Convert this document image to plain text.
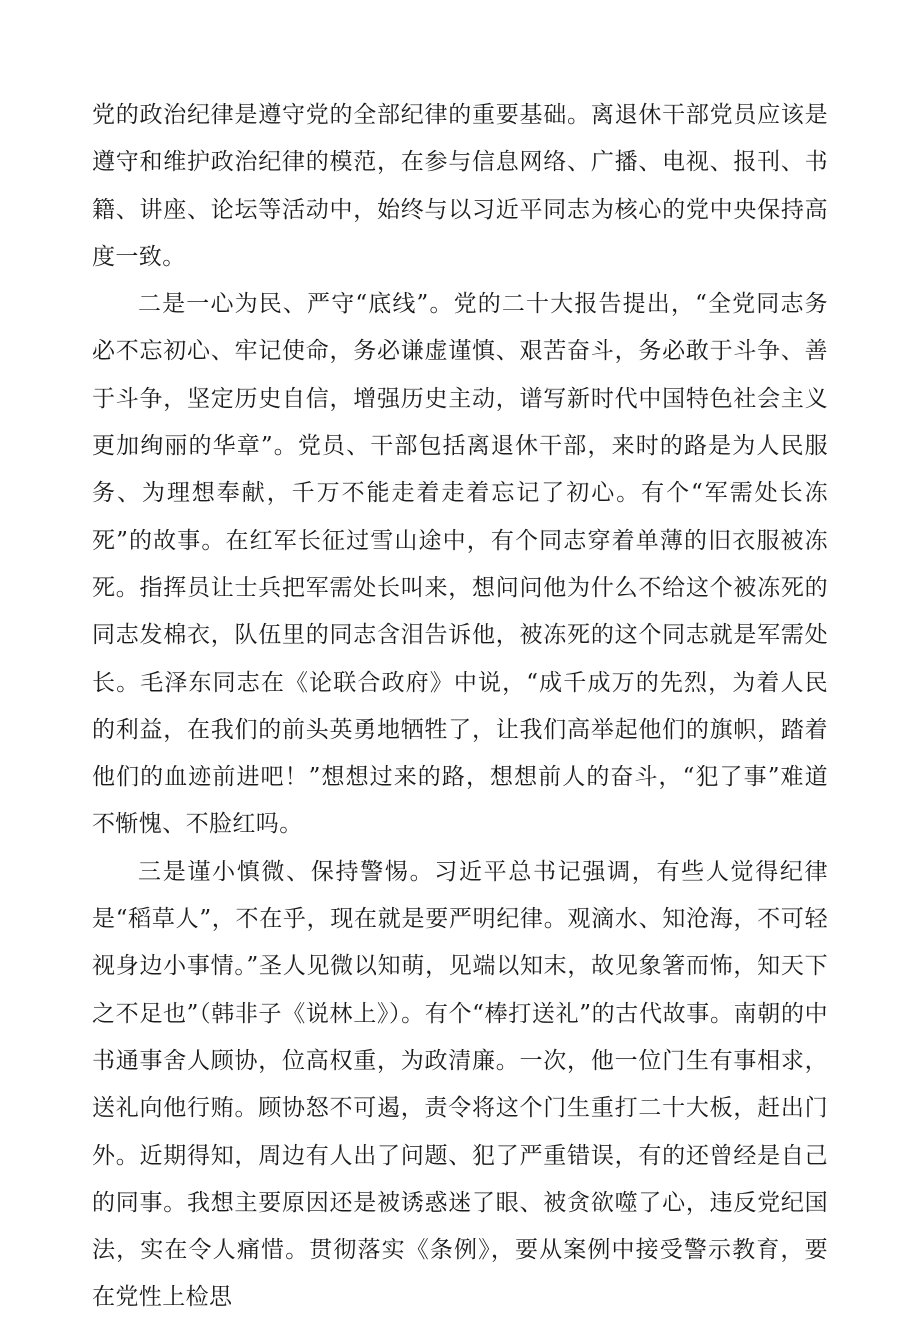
党的政治纪律是遵守党的全部纪律的重要基础。离退休干部党员应该是遵守和维护政治纪律的模范，在参与信息网络、广播、电视、报刊、书籍、讲座、论坛等活动中，始终与以习近平同志为核心的党中央保持高度一致。

二是一心为民、严守“底线”。党的二十大报告提出，“全党同志务必不忘初心、牢记使命，务必谦虚谨慎、艰苦奋斗，务必敢于斗争、善于斗争，坚定历史自信，增强历史主动，谱写新时代中国特色社会主义更加绚丽的华章”。党员、干部包括离退休干部，来时的路是为人民服务、为理想奉献，千万不能走着走着忘记了初心。有个“军需处长冻死”的故事。在红军长征过雪山途中，有个同志穿着单薄的旧衣服被冻死。指挥员让士兵把军需处长叫来，想问问他为什么不给这个被冻死的同志发棉衣，队伍里的同志含泪告诉他，被冻死的这个同志就是军需处长。毛泽东同志在《论联合政府》中说，“成千成万的先烈，为着人民的利益，在我们的前头英勇地牺牲了，让我们高举起他们的旗帜，踏着他们的血迹前进吧！”想想过来的路，想想前人的奋斗，“犯了事”难道不惭愧、不脸红吗。

三是谨小慎微、保持警惕。习近平总书记强调，有些人觉得纪律是“稻草人”，不在乎，现在就是要严明纪律。观滴水、知沧海，不可轻视身边小事情。”圣人见微以知萌，见端以知末，故见象箸而怖，知天下之不足也”（韩非子《说林上》）。有个“棒打送礼”的古代故事。南朝的中书通事舍人顾协，位高权重，为政清廉。一次，他一位门生有事相求，送礼向他行贿。顾协怒不可遏，责令将这个门生重打二十大板，赶出门外。近期得知，周边有人出了问题、犯了严重错误，有的还曾经是自己的同事。我想主要原因还是被诱惑迷了眼、被贪欲噬了心，违反党纪国法，实在令人痛惜。贯彻落实《条例》，要从案例中接受警示教育，要在党性上检思
